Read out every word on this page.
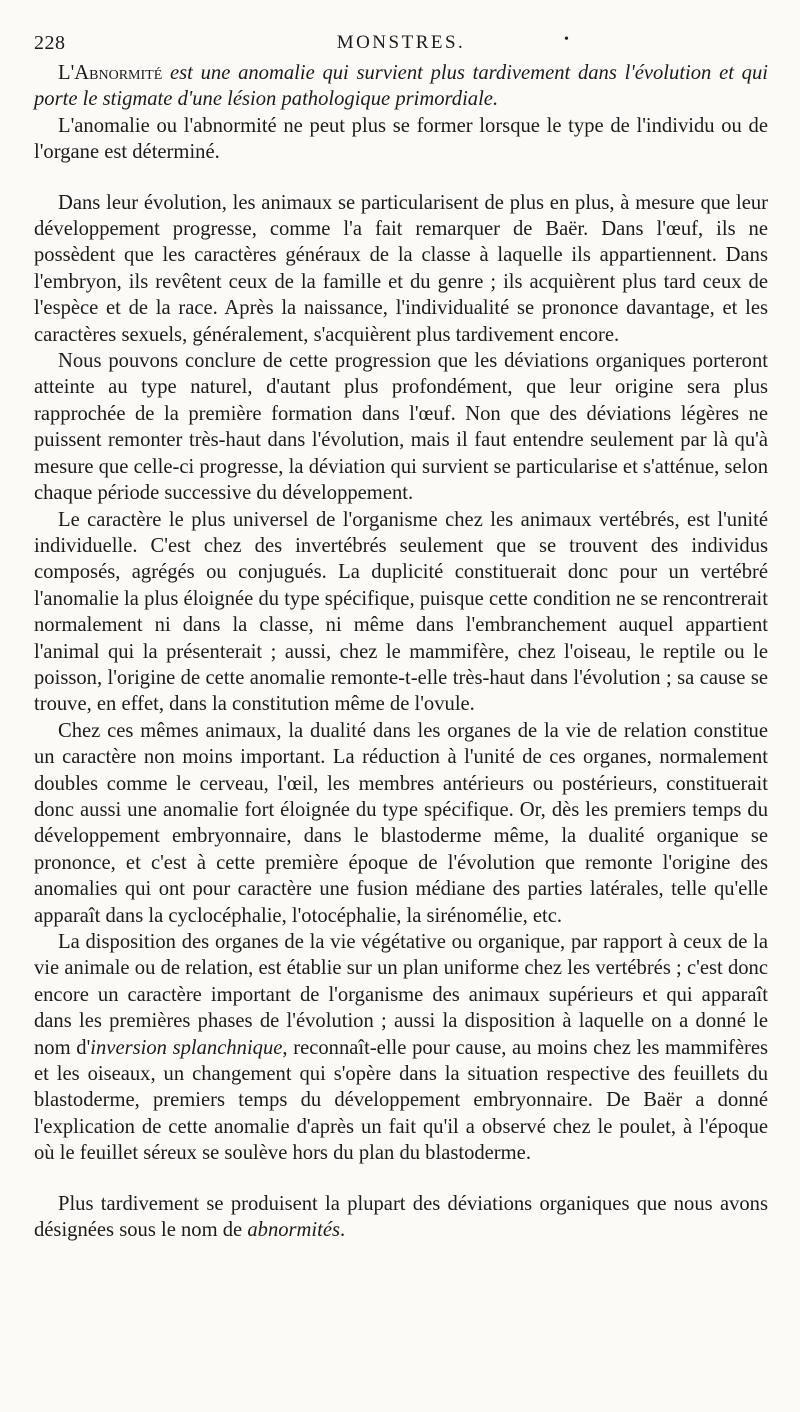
228	MONSTRES.	•

L'Abnormité est une anomalie qui survient plus tardivement dans l'évolution et qui porte le stigmate d'une lésion pathologique primordiale.

L'anomalie ou l'abnormité ne peut plus se former lorsque le type de l'individu ou de l'organe est déterminé.

Dans leur évolution, les animaux se particularisent de plus en plus, à mesure que leur développement progresse, comme l'a fait remarquer de Baër. Dans l'œuf, ils ne possèdent que les caractères généraux de la classe à laquelle ils appartiennent. Dans l'embryon, ils revêtent ceux de la famille et du genre ; ils acquièrent plus tard ceux de l'espèce et de la race. Après la naissance, l'individualité se prononce davantage, et les caractères sexuels, généralement, s'acquièrent plus tardivement encore.

Nous pouvons conclure de cette progression que les déviations organiques porteront atteinte au type naturel, d'autant plus profondément, que leur origine sera plus rapprochée de la première formation dans l'œuf. Non que des déviations légères ne puissent remonter très-haut dans l'évolution, mais il faut entendre seulement par là qu'à mesure que celle-ci progresse, la déviation qui survient se particularise et s'atténue, selon chaque période successive du développement.

Le caractère le plus universel de l'organisme chez les animaux vertébrés, est l'unité individuelle. C'est chez des invertébrés seulement que se trouvent des individus composés, agrégés ou conjugués. La duplicité constituerait donc pour un vertébré l'anomalie la plus éloignée du type spécifique, puisque cette condition ne se rencontrerait normalement ni dans la classe, ni même dans l'embranchement auquel appartient l'animal qui la présenterait ; aussi, chez le mammifère, chez l'oiseau, le reptile ou le poisson, l'origine de cette anomalie remonte-t-elle très-haut dans l'évolution ; sa cause se trouve, en effet, dans la constitution même de l'ovule.

Chez ces mêmes animaux, la dualité dans les organes de la vie de relation constitue un caractère non moins important. La réduction à l'unité de ces organes, normalement doubles comme le cerveau, l'œil, les membres antérieurs ou postérieurs, constituerait donc aussi une anomalie fort éloignée du type spécifique. Or, dès les premiers temps du développement embryonnaire, dans le blastoderme même, la dualité organique se prononce, et c'est à cette première époque de l'évolution que remonte l'origine des anomalies qui ont pour caractère une fusion médiane des parties latérales, telle qu'elle apparaît dans la cyclocéphalie, l'otocéphalie, la sirénomélie, etc.

La disposition des organes de la vie végétative ou organique, par rapport à ceux de la vie animale ou de relation, est établie sur un plan uniforme chez les vertébrés ; c'est donc encore un caractère important de l'organisme des animaux supérieurs et qui apparaît dans les premières phases de l'évolution ; aussi la disposition à laquelle on a donné le nom d'inversion splanchnique, reconnaît-elle pour cause, au moins chez les mammifères et les oiseaux, un changement qui s'opère dans la situation respective des feuillets du blastoderme, premiers temps du développement embryonnaire. De Baër a donné l'explication de cette anomalie d'après un fait qu'il a observé chez le poulet, à l'époque où le feuillet séreux se soulève hors du plan du blastoderme.

Plus tardivement se produisent la plupart des déviations organiques que nous avons désignées sous le nom de abnormités.
